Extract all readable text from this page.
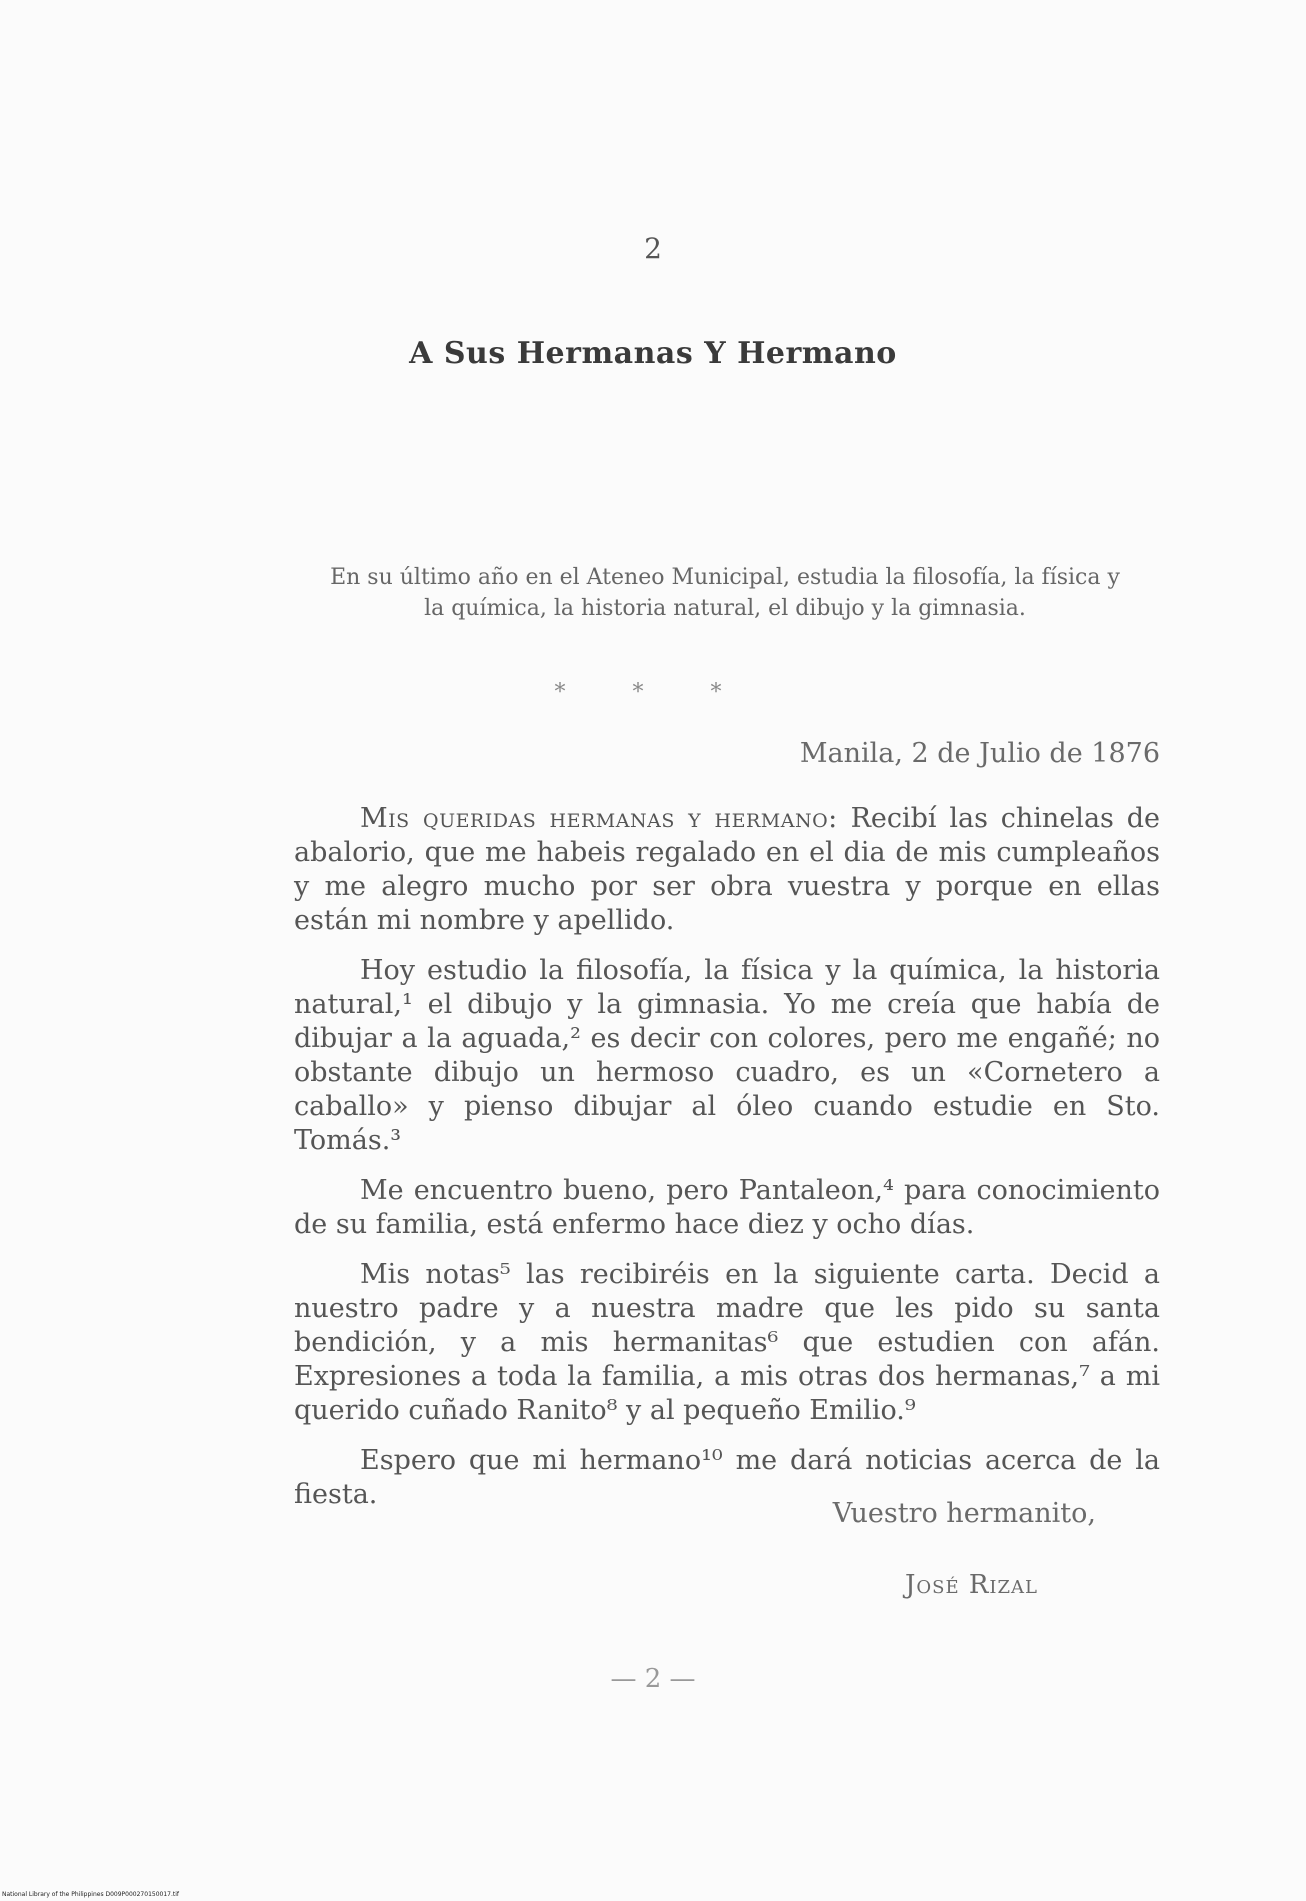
2
A Sus Hermanas Y Hermano
En su último año en el Ateneo Municipal, estudia la filosofía, la física y la química, la historia natural, el dibujo y la gimnasia.
* * *
Manila, 2 de Julio de 1876

Mis queridas hermanas y hermano: Recibí las chinelas de abalorio, que me habeis regalado en el dia de mis cumpleaños y me alegro mucho por ser obra vuestra y porque en ellas están mi nombre y apellido.

Hoy estudio la filosofía, la física y la química, la historia natural,¹ el dibujo y la gimnasia. Yo me creía que había de dibujar a la aguada,² es decir con colores, pero me engañé; no obstante dibujo un hermoso cuadro, es un «Cornetero a caballo» y pienso dibujar al óleo cuando estudie en Sto. Tomás.³

Me encuentro bueno, pero Pantaleon,⁴ para conocimiento de su familia, está enfermo hace diez y ocho días.

Mis notas⁵ las recibiréis en la siguiente carta. Decid a nuestro padre y a nuestra madre que les pido su santa bendición, y a mis hermanitas⁶ que estudien con afán. Expresiones a toda la familia, a mis otras dos hermanas,⁷ a mi querido cuñado Ranito⁸ y al pequeño Emilio.⁹

Espero que mi hermano¹⁰ me dará noticias acerca de la fiesta.

Vuestro hermanito,
José Rizal
— 2 —
National Library of the Philippines D009P000270150017.tif
